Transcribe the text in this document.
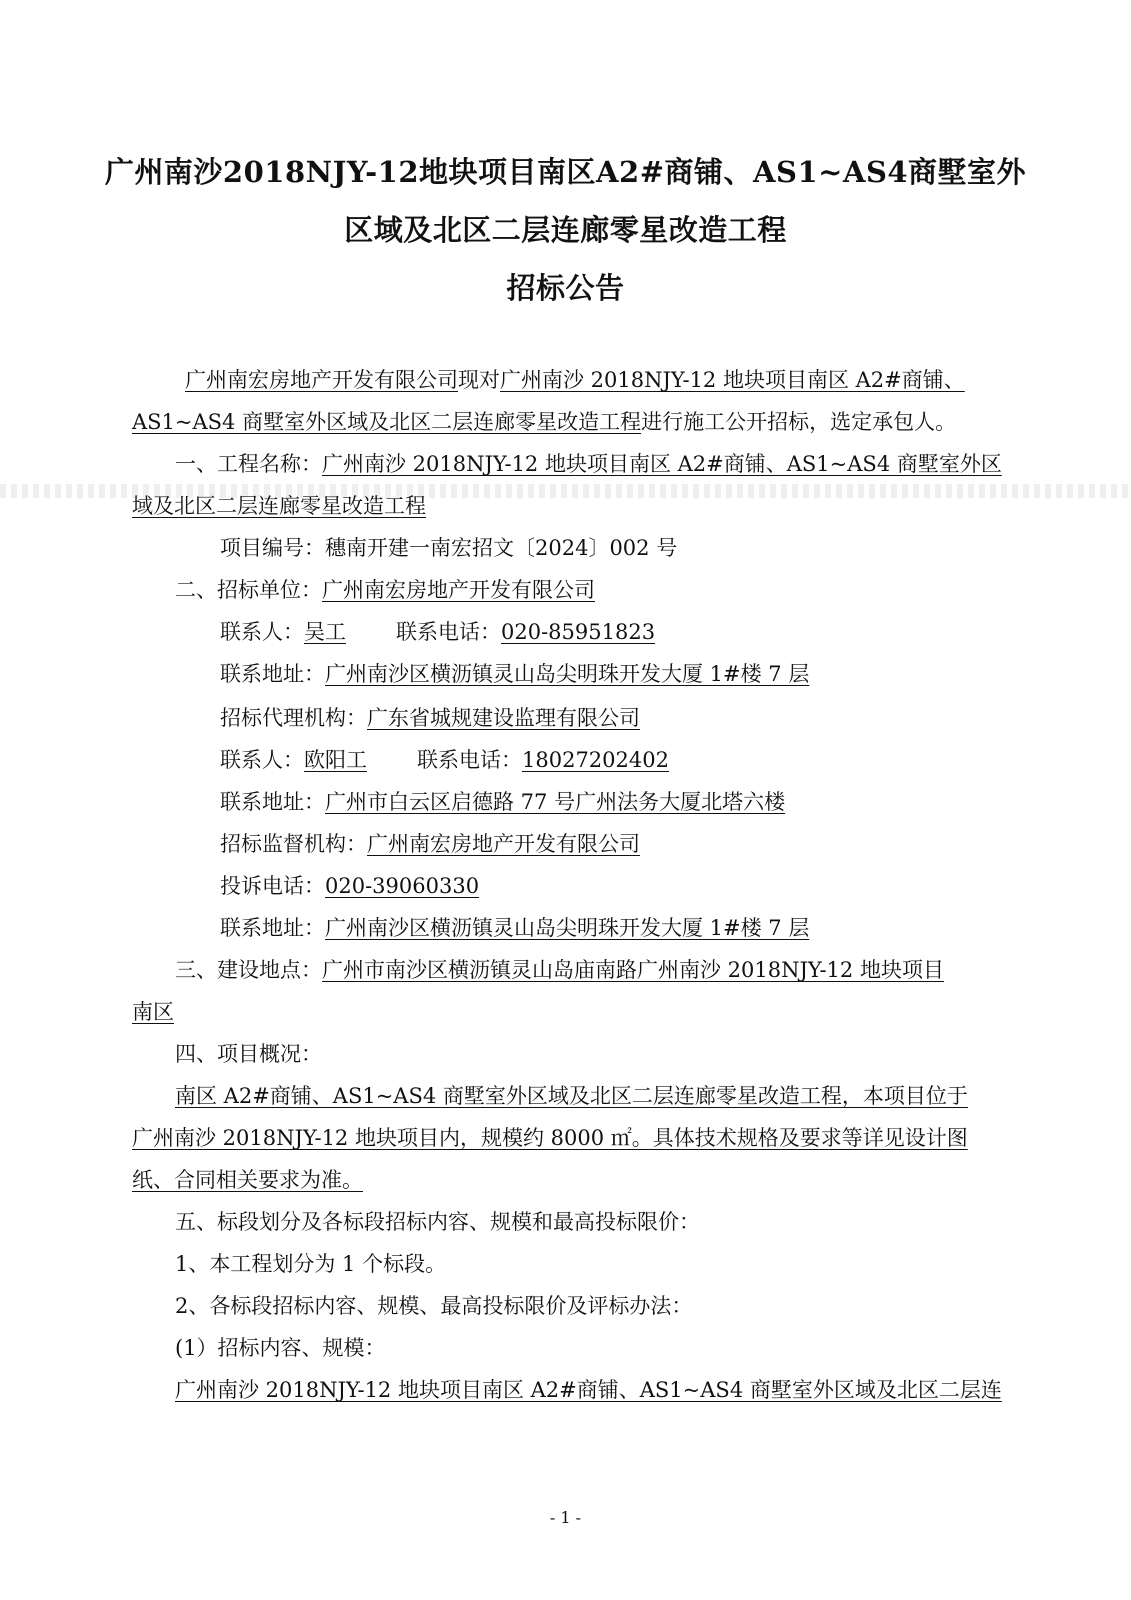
广州南沙2018NJY-12地块项目南区A2#商铺、AS1~AS4商墅室外
区域及北区二层连廊零星改造工程
招标公告
广州南宏房地产开发有限公司现对广州南沙 2018NJY-12 地块项目南区 A2#商铺、
AS1~AS4 商墅室外区域及北区二层连廊零星改造工程进行施工公开招标，选定承包人。
一、工程名称：广州南沙 2018NJY-12 地块项目南区 A2#商铺、AS1~AS4 商墅室外区
域及北区二层连廊零星改造工程
项目编号：穗南开建一南宏招文〔2024〕002 号
二、招标单位：广州南宏房地产开发有限公司
联系人：吴工 联系电话：020-85951823
联系地址：广州南沙区横沥镇灵山岛尖明珠开发大厦 1#楼 7 层
招标代理机构：广东省城规建设监理有限公司
联系人：欧阳工 联系电话：18027202402
联系地址：广州市白云区启德路 77 号广州法务大厦北塔六楼
招标监督机构：广州南宏房地产开发有限公司
投诉电话：020-39060330
联系地址：广州南沙区横沥镇灵山岛尖明珠开发大厦 1#楼 7 层
三、建设地点：广州市南沙区横沥镇灵山岛庙南路广州南沙 2018NJY-12 地块项目
南区
四、项目概况：
南区 A2#商铺、AS1~AS4 商墅室外区域及北区二层连廊零星改造工程，本项目位于
广州南沙 2018NJY-12 地块项目内，规模约 8000 ㎡。具体技术规格及要求等详见设计图
纸、合同相关要求为准。
五、标段划分及各标段招标内容、规模和最高投标限价：
1、本工程划分为 1 个标段。
2、各标段招标内容、规模、最高投标限价及评标办法：
(1）招标内容、规模：
广州南沙 2018NJY-12 地块项目南区 A2#商铺、AS1~AS4 商墅室外区域及北区二层连
- 1 -
